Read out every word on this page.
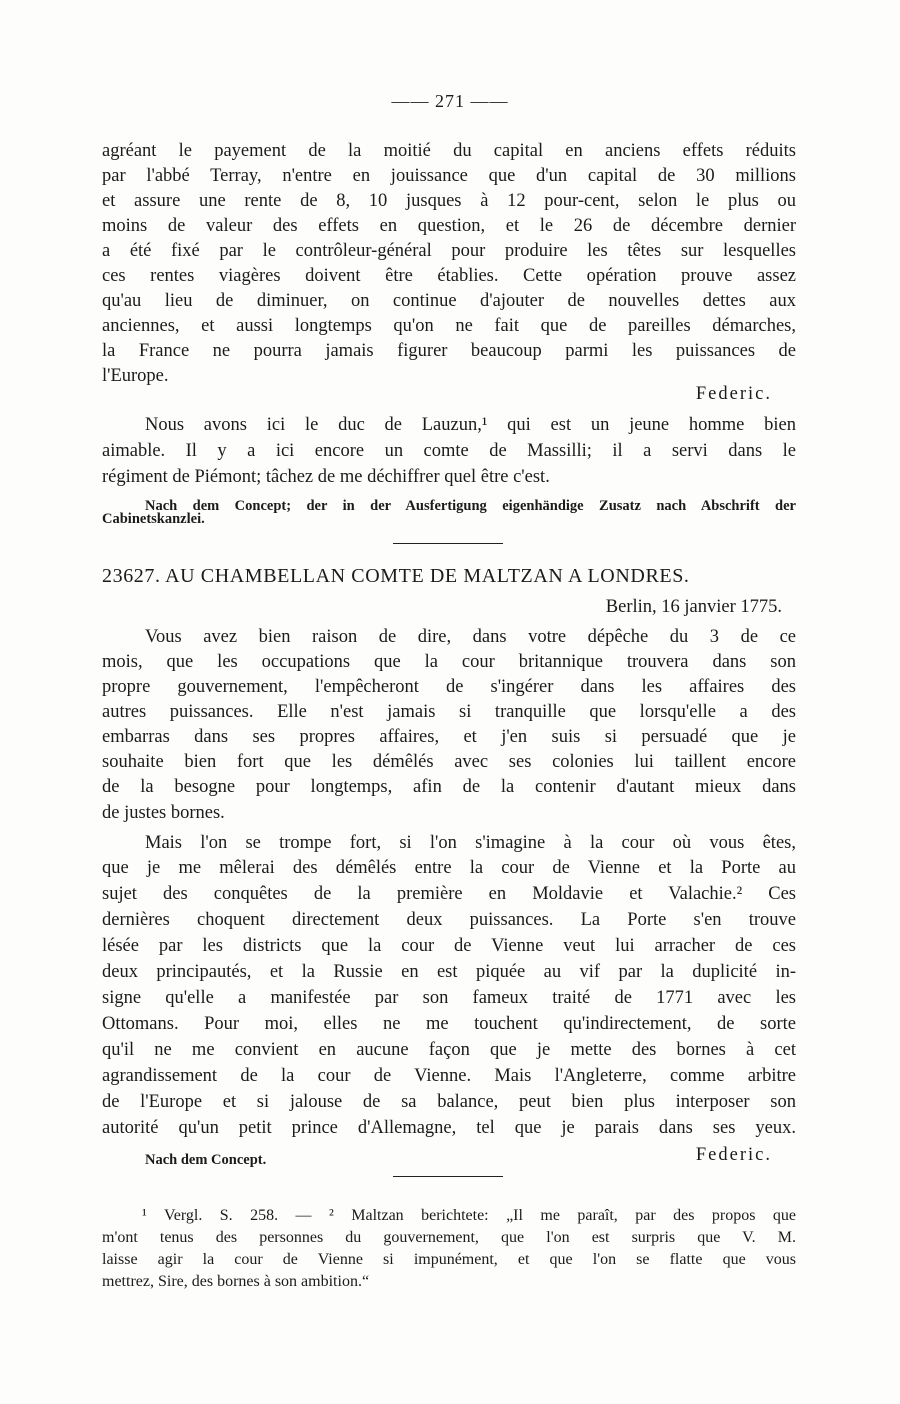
—— 271 ——
agréant le payement de la moitié du capital en anciens effets réduits
par l'abbé Terray, n'entre en jouissance que d'un capital de 30 millions
et assure une rente de 8, 10 jusques à 12 pour-cent, selon le plus ou
moins de valeur des effets en question, et le 26 de décembre dernier
a été fixé par le contrôleur-général pour produire les têtes sur lesquelles
ces rentes viagères doivent être établies. Cette opération prouve assez
qu'au lieu de diminuer, on continue d'ajouter de nouvelles dettes aux
anciennes, et aussi longtemps qu'on ne fait que de pareilles démarches,
la France ne pourra jamais figurer beaucoup parmi les puissances de
l'Europe.
Federic.
Nous avons ici le duc de Lauzun,¹ qui est un jeune homme bien
aimable. Il y a ici encore un comte de Massilli; il a servi dans le
régiment de Piémont; tâchez de me déchiffrer quel être c'est.
Nach dem Concept; der in der Ausfertigung eigenhändige Zusatz nach Abschrift der
Cabinetskanzlei.
23627. AU CHAMBELLAN COMTE DE MALTZAN A LONDRES.
Berlin, 16 janvier 1775.
Vous avez bien raison de dire, dans votre dépêche du 3 de ce
mois, que les occupations que la cour britannique trouvera dans son
propre gouvernement, l'empêcheront de s'ingérer dans les affaires des
autres puissances. Elle n'est jamais si tranquille que lorsqu'elle a des
embarras dans ses propres affaires, et j'en suis si persuadé que je
souhaite bien fort que les démêlés avec ses colonies lui taillent encore
de la besogne pour longtemps, afin de la contenir d'autant mieux dans
de justes bornes.
Mais l'on se trompe fort, si l'on s'imagine à la cour où vous êtes,
que je me mêlerai des démêlés entre la cour de Vienne et la Porte au
sujet des conquêtes de la première en Moldavie et Valachie.² Ces
dernières choquent directement deux puissances. La Porte s'en trouve
lésée par les districts que la cour de Vienne veut lui arracher de ces
deux principautés, et la Russie en est piquée au vif par la duplicité in-
signe qu'elle a manifestée par son fameux traité de 1771 avec les
Ottomans. Pour moi, elles ne me touchent qu'indirectement, de sorte
qu'il ne me convient en aucune façon que je mette des bornes à cet
agrandissement de la cour de Vienne. Mais l'Angleterre, comme arbitre
de l'Europe et si jalouse de sa balance, peut bien plus interposer son
autorité qu'un petit prince d'Allemagne, tel que je parais dans ses yeux.
Nach dem Concept.	Federic.
¹ Vergl. S. 258. — ² Maltzan berichtete: „Il me paraît, par des propos que
m'ont tenus des personnes du gouvernement, que l'on est surpris que V. M.
laisse agir la cour de Vienne si impunément, et que l'on se flatte que vous
mettrez, Sire, des bornes à son ambition.“
